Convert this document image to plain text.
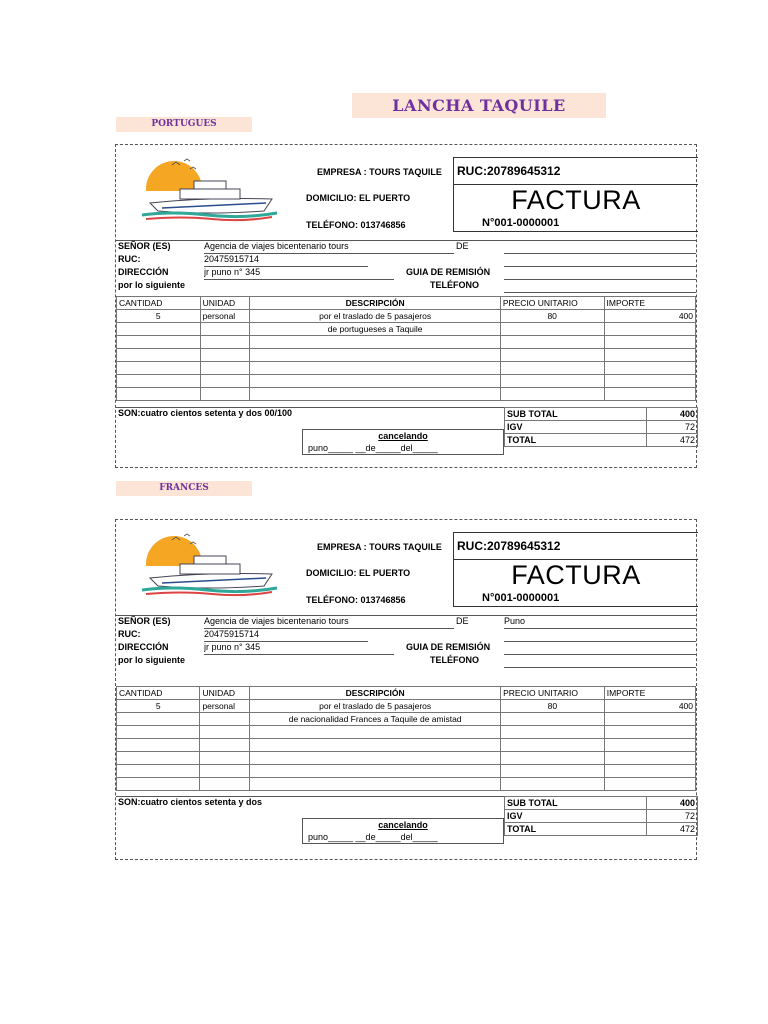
LANCHA TAQUILE
PORTUGUES
EMPRESA : TOURS TAQUILE
DOMICILIO: EL PUERTO
TELÉFONO: 013746856
RUC:20789645312
FACTURA
N°001-0000001
SEÑOR (ES)	Agencia de viajes bicentenario tours	DE
RUC:	20475915714
DIRECCIÓN	jr puno n° 345	GUIA DE REMISIÓN
por lo siguiente	TELÉFONO
CANTIDAD	UNIDAD	DESCRIPCIÓN	PRECIO UNITARIO	IMPORTE
5	personal	por el traslado de 5 pasajeros	80	400
		de portugueses a Taquile		

SON:cuatro cientos setenta y dos 00/100	SUB TOTAL	400
IGV	72
TOTAL	472
cancelando
puno_____ __de_____del_____
FRANCES
EMPRESA : TOURS TAQUILE
DOMICILIO: EL PUERTO
TELÉFONO: 013746856
RUC:20789645312
FACTURA
N°001-0000001
SEÑOR (ES)	Agencia de viajes bicentenario tours	DE	Puno
RUC:	20475915714
DIRECCIÓN	jr puno n° 345	GUIA DE REMISIÓN
por lo siguiente	TELÉFONO
CANTIDAD	UNIDAD	DESCRIPCIÓN	PRECIO UNITARIO	IMPORTE
5	personal	por el traslado de 5 pasajeros	80	400
		de nacionalidad Frances a Taquile de amistad		

SON:cuatro cientos setenta y dos	SUB TOTAL	400
IGV	72
TOTAL	472
cancelando
puno_____ __de_____del_____
